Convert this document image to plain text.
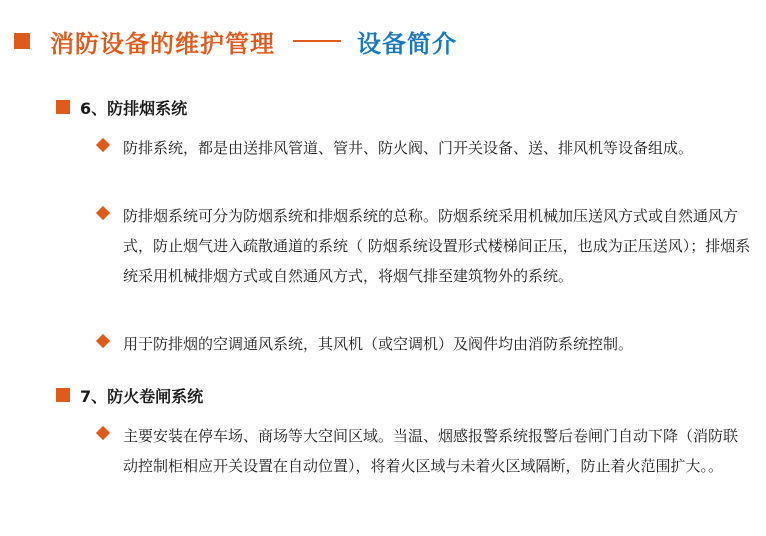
消防设备的维护管理	设备简介
6、防排烟系统
防排系统，都是由送排风管道、管井、防火阀、门开关设备、送、排风机等设备组成。
防排烟系统可分为防烟系统和排烟系统的总称。防烟系统采用机械加压送风方式或自然通风方式，防止烟气进入疏散通道的系统（ 防烟系统设置形式楼梯间正压，也成为正压送风）；排烟系统采用机械排烟方式或自然通风方式，将烟气排至建筑物外的系统。
用于防排烟的空调通风系统，其风机（或空调机）及阀件均由消防系统控制。
7、防火卷闸系统
主要安装在停车场、商场等大空间区域。当温、烟感报警系统报警后卷闸门自动下降（消防联动控制柜相应开关设置在自动位置），将着火区域与未着火区域隔断，防止着火范围扩大。。
